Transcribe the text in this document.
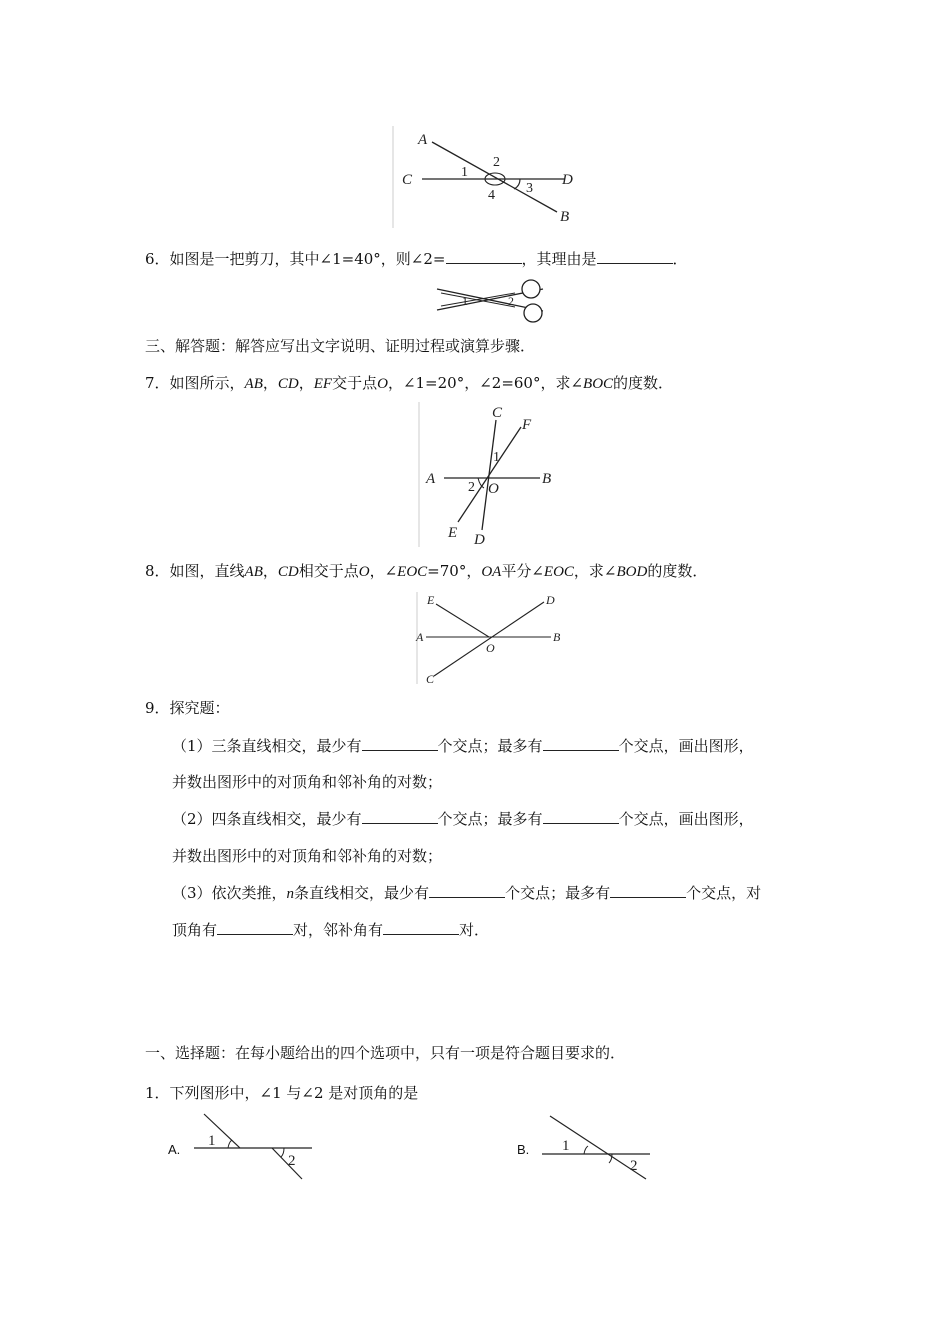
A
C	D
B
1
2
3
4
6．如图是一把剪刀，其中∠1=40°，则∠2=	，其理由是	．
1	2
三、解答题：解答应写出文字说明、证明过程或演算步骤．
7．如图所示，AB，CD，EF交于点O，∠1=20°，∠2=60°，求∠BOC的度数．
C
F
A	B
O
E D
1
2
8．如图，直线AB，CD相交于点O，∠EOC=70°，OA平分∠EOC，求∠BOD的度数．
E	D
A	B
O
C
9．探究题：
（1）三条直线相交，最少有	个交点；最多有	个交点，画出图形，
并数出图形中的对顶角和邻补角的对数；
（2）四条直线相交，最少有	个交点；最多有	个交点，画出图形，
并数出图形中的对顶角和邻补角的对数；
（3）依次类推，n条直线相交，最少有	个交点；最多有	个交点，对
顶角有	对，邻补角有	对．
一、选择题：在每小题给出的四个选项中，只有一项是符合题目要求的．
1．下列图形中，∠1 与∠2 是对顶角的是
A.
1
2
B. 1
2
